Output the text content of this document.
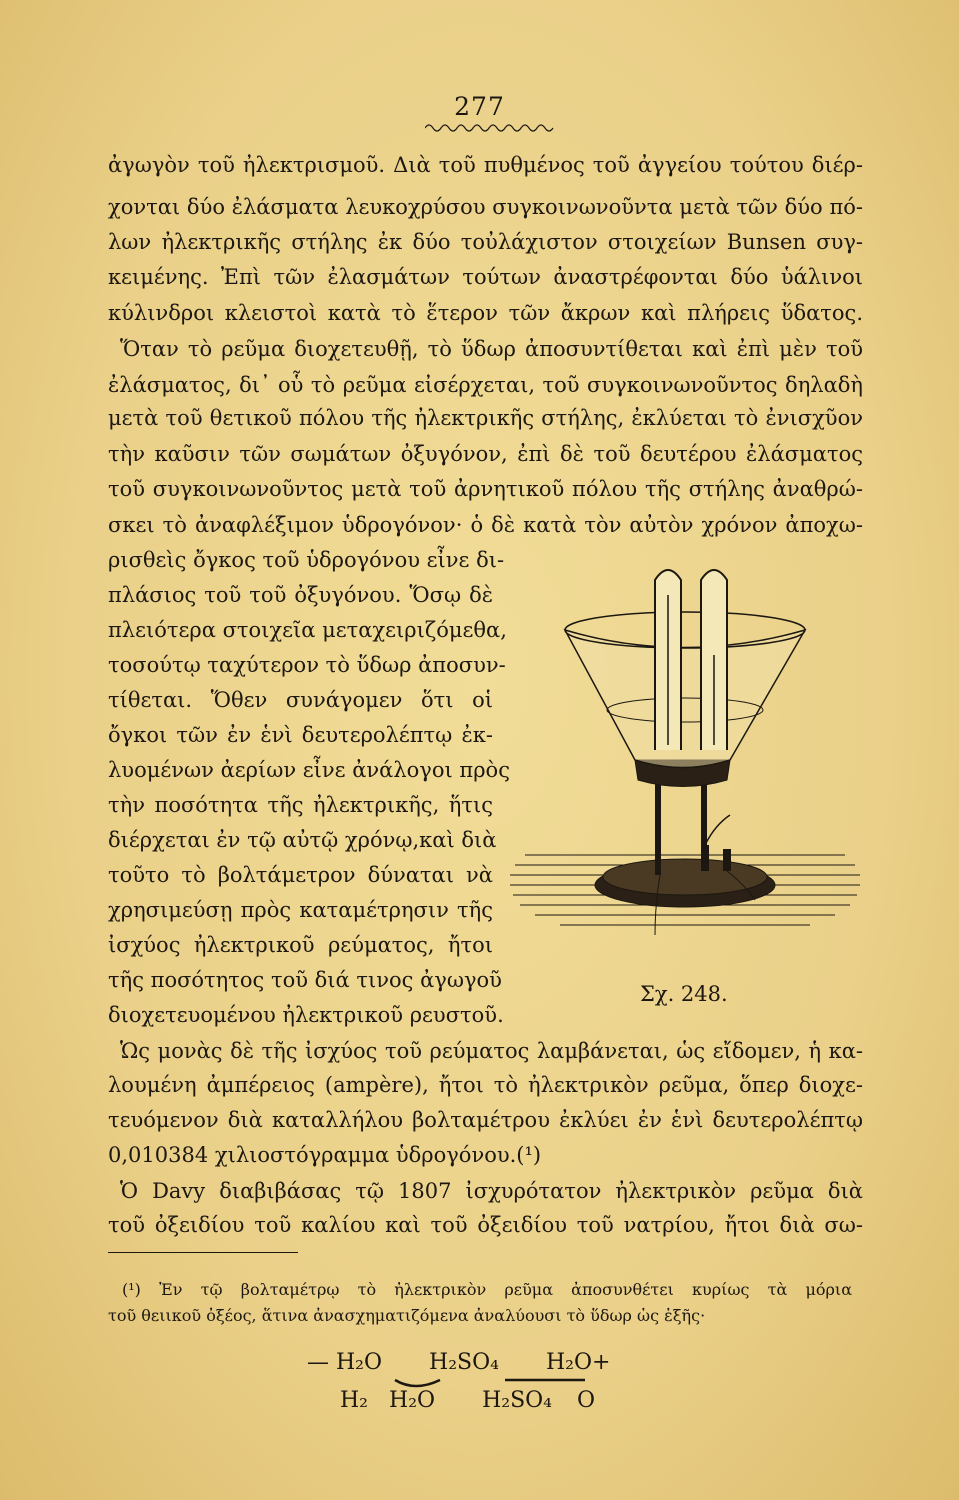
277
ἀγωγὸν τοῦ ἠλεκτρισμοῦ. Διὰ τοῦ πυθμένος τοῦ ἀγγείου τούτου διέρ-
χονται δύο ἐλάσματα λευκοχρύσου συγκοινωνοῦντα μετὰ τῶν δύο πό-
λων ἠλεκτρικῆς στήλης ἐκ δύο τοὐλάχιστον στοιχείων Bunsen συγ-
κειμένης. Ἐπὶ τῶν ἐλασμάτων τούτων ἀναστρέφονται δύο ὑάλινοι
κύλινδροι κλειστοὶ κατὰ τὸ ἕτερον τῶν ἄκρων καὶ πλήρεις ὕδατος.
Ὅταν τὸ ρεῦμα διοχετευθῇ, τὸ ὕδωρ ἀποσυντίθεται καὶ ἐπὶ μὲν τοῦ
ἐλάσματος, δι᾽ οὗ τὸ ρεῦμα εἰσέρχεται, τοῦ συγκοινωνοῦντος δηλαδὴ
μετὰ τοῦ θετικοῦ πόλου τῆς ἠλεκτρικῆς στήλης, ἐκλύεται τὸ ἐνισχῦον
τὴν καῦσιν τῶν σωμάτων ὀξυγόνον, ἐπὶ δὲ τοῦ δευτέρου ἐλάσματος
τοῦ συγκοινωνοῦντος μετὰ τοῦ ἀρνητικοῦ πόλου τῆς στήλης ἀναθρώ-
σκει τὸ ἀναφλέξιμον ὑδρογόνον· ὁ δὲ κατὰ τὸν αὐτὸν χρόνον ἀποχω-
ρισθεὶς ὄγκος τοῦ ὑδρογόνου εἶνε δι-
πλάσιος τοῦ τοῦ ὀξυγόνου. Ὅσῳ δὲ
πλειότερα στοιχεῖα μεταχειριζόμεθα,
τοσούτῳ ταχύτερον τὸ ὕδωρ ἀποσυν-
τίθεται. Ὅθεν συνάγομεν ὅτι οἱ
ὄγκοι τῶν ἐν ἑνὶ δευτερολέπτῳ ἐκ-
λυομένων ἀερίων εἶνε ἀνάλογοι πρὸς
τὴν ποσότητα τῆς ἠλεκτρικῆς, ἥτις
διέρχεται ἐν τῷ αὐτῷ χρόνῳ,καὶ διὰ
τοῦτο τὸ βολτάμετρον δύναται νὰ
χρησιμεύσῃ πρὸς καταμέτρησιν τῆς
ἰσχύος ἠλεκτρικοῦ ρεύματος, ἤτοι
τῆς ποσότητος τοῦ διά τινος ἀγωγοῦ
διοχετευομένου ἠλεκτρικοῦ ρευστοῦ.
Σχ. 248.
Ὡς μονὰς δὲ τῆς ἰσχύος τοῦ ρεύματος λαμβάνεται, ὡς εἴδομεν, ἡ κα-
λουμένη ἀμπέρειος (ampère), ἤτοι τὸ ἠλεκτρικὸν ρεῦμα, ὅπερ διοχε-
τευόμενον διὰ καταλλήλου βολταμέτρου ἐκλύει ἐν ἑνὶ δευτερολέπτῳ
0,010384 χιλιοστόγραμμα ὑδρογόνου.(¹)
Ὁ Davy διαβιβάσας τῷ 1807 ἰσχυρότατον ἠλεκτρικὸν ρεῦμα διὰ
τοῦ ὀξειδίου τοῦ καλίου καὶ τοῦ ὀξειδίου τοῦ νατρίου, ἤτοι διὰ σω-
(¹) Ἐν τῷ βολταμέτρῳ τὸ ἠλεκτρικὸν ρεῦμα ἀποσυνθέτει κυρίως τὰ μόρια
τοῦ θειικοῦ ὀξέος, ἅτινα ἀνασχηματιζόμενα ἀναλύουσι τὸ ὕδωρ ὡς ἑξῆς·
— H₂O H₂SO₄ H₂O+
H₂ H₂O H₂SO₄ O
